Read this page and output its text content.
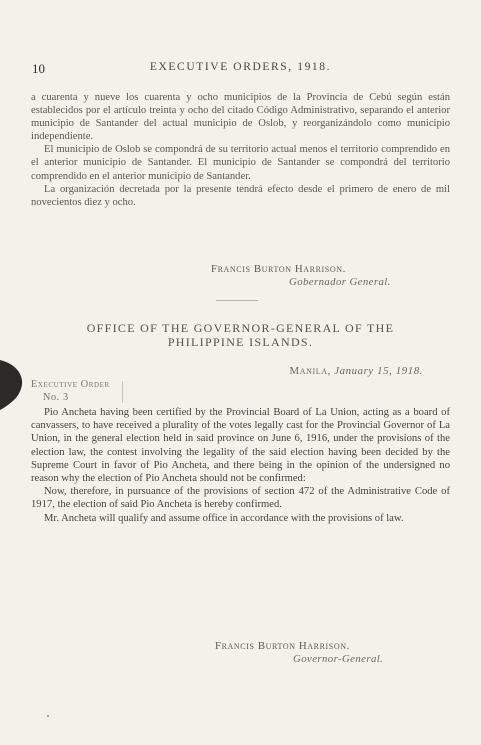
10	EXECUTIVE ORDERS, 1918.

a cuarenta y nueve los cuarenta y ocho municipios de la Provincia de Cebú según están establecidos por el artículo treinta y ocho del citado Código Administrativo, separando el anterior municipio de Santander del actual municipio de Oslob, y reorganizándolo como municipio independiente.

El municipio de Oslob se compondrá de su territorio actual menos el territorio comprendido en el anterior municipio de Santander. El municipio de Santander se compondrá del territorio comprendido en el anterior municipio de Santander.

La organización decretada por la presente tendrá efecto desde el primero de enero de mil novecientos diez y ocho.

Francis Burton Harrison.
Gobernador General.
OFFICE OF THE GOVERNOR-GENERAL OF THE
PHILIPPINE ISLANDS.
Manila, January 15, 1918.
Executive Order
No. 3

Pio Ancheta having been certified by the Provincial Board of La Union, acting as a board of canvassers, to have received a plurality of the votes legally cast for the Provincial Governor of La Union, in the general election held in said province on June 6, 1916, under the provisions of the election law, the contest involving the legality of the said election having been decided by the Supreme Court in favor of Pio Ancheta, and there being in the opinion of the undersigned no reason why the election of Pio Ancheta should not be confirmed:

Now, therefore, in pursuance of the provisions of section 472 of the Administrative Code of 1917, the election of said Pio Ancheta is hereby confirmed.

Mr. Ancheta will qualify and assume office in accordance with the provisions of law.

Francis Burton Harrison.
Governor-General.
